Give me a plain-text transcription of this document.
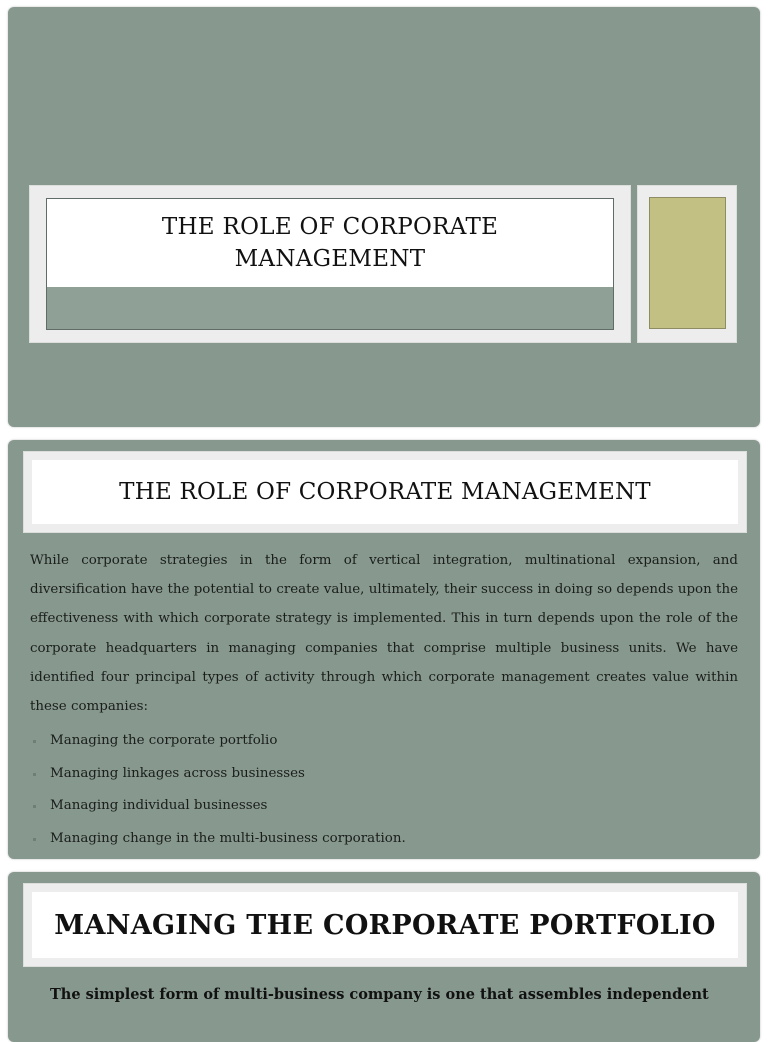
THE ROLE OF CORPORATE MANAGEMENT
THE ROLE OF CORPORATE MANAGEMENT

While corporate strategies in the form of vertical integration, multinational expansion, and diversification have the potential to create value, ultimately, their success in doing so depends upon the effectiveness with which corporate strategy is implemented. This in turn depends upon the role of the corporate headquarters in managing companies that comprise multiple business units. We have identified four principal types of activity through which corporate management creates value within these companies:

Managing the corporate portfolio
Managing linkages across businesses
Managing individual businesses
Managing change in the multi-business corporation.
MANAGING THE CORPORATE PORTFOLIO

The simplest form of multi-business company is one that assembles independent
